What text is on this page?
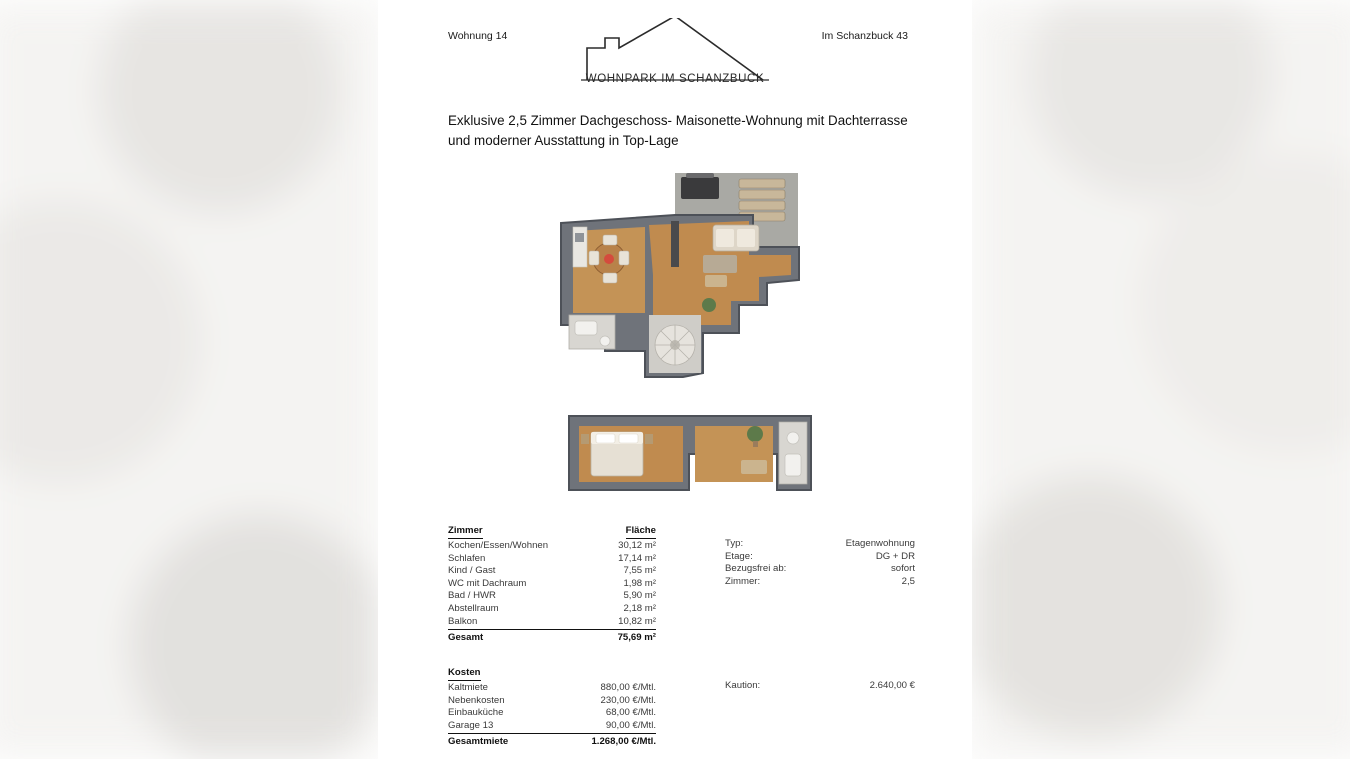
Wohnung 14	Im Schanzbuck 43
WOHNPARK IM SCHANZBUCK
Exklusive 2,5 Zimmer Dachgeschoss- Maisonette-Wohnung mit Dachterrasse und moderner Ausstattung in Top-Lage
Zimmer	Fläche
Kochen/Essen/Wohnen	30,12 m²
Schlafen	17,14 m²
Kind / Gast	7,55 m²
WC mit Dachraum	1,98 m²
Bad / HWR	5,90 m²
Abstellraum	2,18 m²
Balkon	10,82 m²
Gesamt	75,69 m²
Typ:	Etagenwohnung
Etage:	DG + DR
Bezugsfrei ab:	sofort
Zimmer:	2,5
Kosten
Kaltmiete	880,00 €/Mtl.
Nebenkosten	230,00 €/Mtl.
Einbauküche	68,00 €/Mtl.
Garage 13	90,00 €/Mtl.
Gesamtmiete	1.268,00 €/Mtl.
Kaution:	2.640,00 €
